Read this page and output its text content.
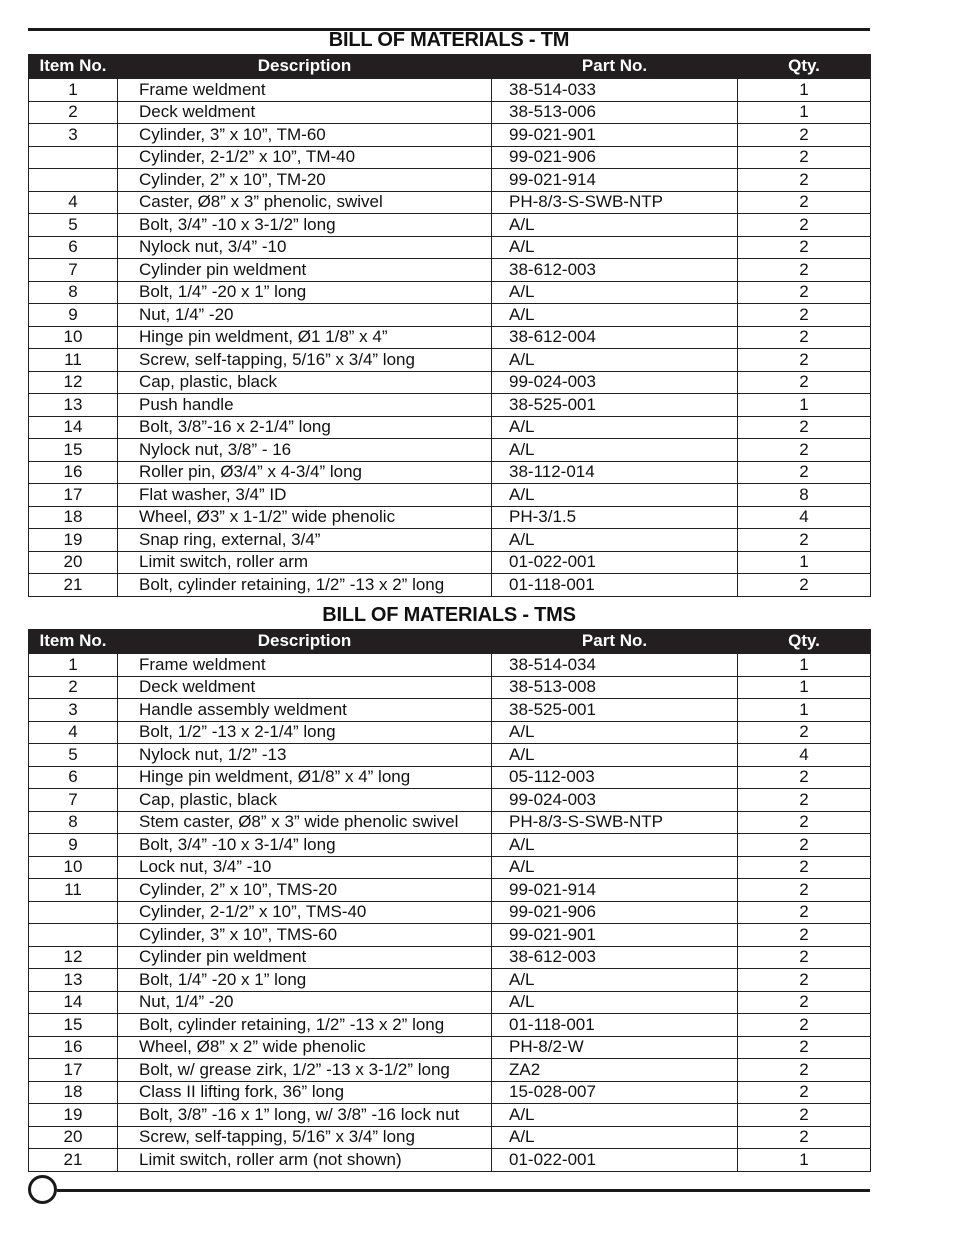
BILL OF MATERIALS - TM
Item No.	Description	Part No.	Qty.
1	Frame weldment	38-514-033	1
2	Deck weldment	38-513-006	1
3	Cylinder, 3” x 10”, TM-60	99-021-901	2
	Cylinder, 2-1/2” x 10”, TM-40	99-021-906	2
	Cylinder, 2” x 10”, TM-20	99-021-914	2
4	Caster, Ø8” x 3” phenolic, swivel	PH-8/3-S-SWB-NTP	2
5	Bolt, 3/4” -10 x 3-1/2” long	A/L	2
6	Nylock nut, 3/4” -10	A/L	2
7	Cylinder pin weldment	38-612-003	2
8	Bolt, 1/4” -20 x 1” long	A/L	2
9	Nut, 1/4” -20	A/L	2
10	Hinge pin weldment, Ø1 1/8” x 4”	38-612-004	2
11	Screw, self-tapping, 5/16” x 3/4” long	A/L	2
12	Cap, plastic, black	99-024-003	2
13	Push handle	38-525-001	1
14	Bolt, 3/8”-16 x 2-1/4” long	A/L	2
15	Nylock nut, 3/8” - 16	A/L	2
16	Roller pin, Ø3/4” x 4-3/4” long	38-112-014	2
17	Flat washer, 3/4” ID	A/L	8
18	Wheel, Ø3” x 1-1/2” wide phenolic	PH-3/1.5	4
19	Snap ring, external, 3/4”	A/L	2
20	Limit switch, roller arm	01-022-001	1
21	Bolt, cylinder retaining, 1/2” -13 x 2” long	01-118-001	2
BILL OF MATERIALS - TMS
Item No.	Description	Part No.	Qty.
1	Frame weldment	38-514-034	1
2	Deck weldment	38-513-008	1
3	Handle assembly weldment	38-525-001	1
4	Bolt, 1/2” -13 x 2-1/4” long	A/L	2
5	Nylock nut, 1/2” -13	A/L	4
6	Hinge pin weldment, Ø1/8” x 4” long	05-112-003	2
7	Cap, plastic, black	99-024-003	2
8	Stem caster, Ø8” x 3” wide phenolic swivel	PH-8/3-S-SWB-NTP	2
9	Bolt, 3/4” -10 x 3-1/4” long	A/L	2
10	Lock nut, 3/4” -10	A/L	2
11	Cylinder, 2” x 10”, TMS-20	99-021-914	2
	Cylinder, 2-1/2” x 10”, TMS-40	99-021-906	2
	Cylinder, 3” x 10”, TMS-60	99-021-901	2
12	Cylinder pin weldment	38-612-003	2
13	Bolt, 1/4” -20 x 1” long	A/L	2
14	Nut, 1/4” -20	A/L	2
15	Bolt, cylinder retaining, 1/2” -13 x 2” long	01-118-001	2
16	Wheel, Ø8” x 2” wide phenolic	PH-8/2-W	2
17	Bolt, w/ grease zirk, 1/2” -13 x 3-1/2” long	ZA2	2
18	Class II lifting fork, 36” long	15-028-007	2
19	Bolt, 3/8” -16 x 1” long, w/ 3/8” -16 lock nut	A/L	2
20	Screw, self-tapping, 5/16” x 3/4” long	A/L	2
21	Limit switch, roller arm (not shown)	01-022-001	1
